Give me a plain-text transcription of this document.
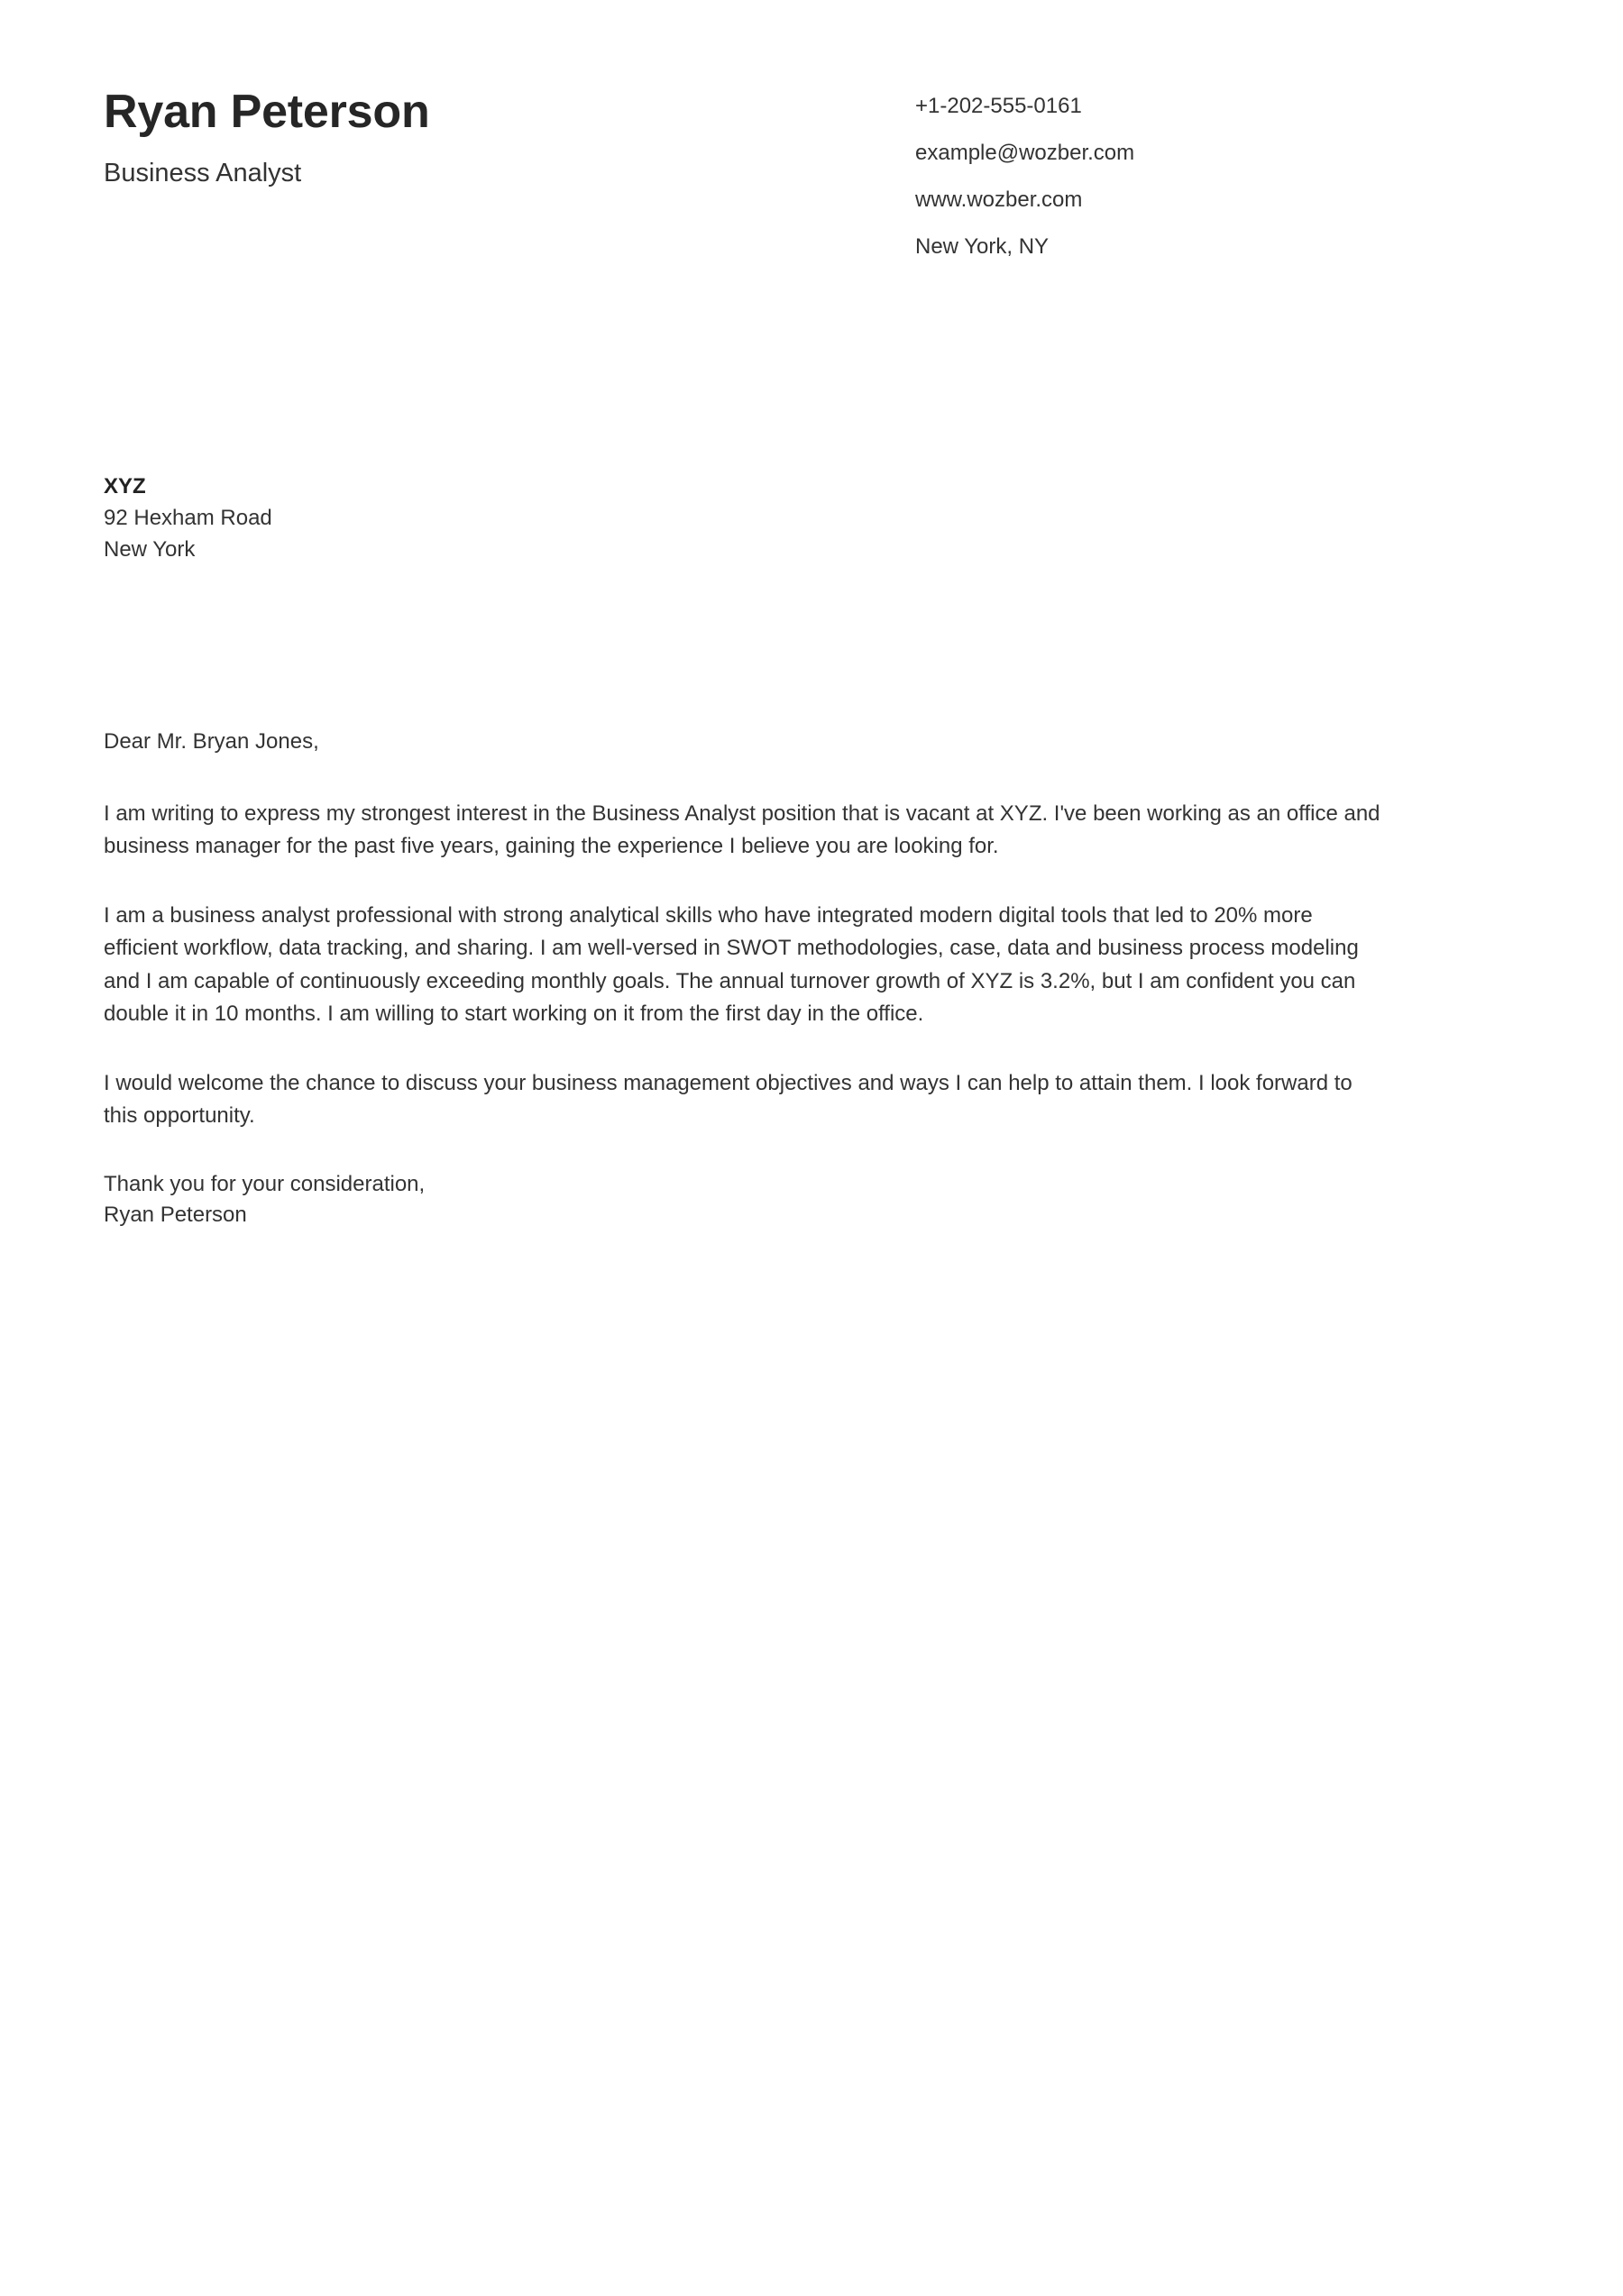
Ryan Peterson
Business Analyst
+1-202-555-0161
example@wozber.com
www.wozber.com
New York, NY
XYZ
92 Hexham Road
New York

Dear Mr. Bryan Jones,

I am writing to express my strongest interest in the Business Analyst position that is vacant at XYZ. I've been working as an office and business manager for the past five years, gaining the experience I believe you are looking for.

I am a business analyst professional with strong analytical skills who have integrated modern digital tools that led to 20% more efficient workflow, data tracking, and sharing. I am well-versed in SWOT methodologies, case, data and business process modeling and I am capable of continuously exceeding monthly goals. The annual turnover growth of XYZ is 3.2%, but I am confident you can double it in 10 months. I am willing to start working on it from the first day in the office.

I would welcome the chance to discuss your business management objectives and ways I can help to attain them. I look forward to this opportunity.

Thank you for your consideration,
Ryan Peterson
